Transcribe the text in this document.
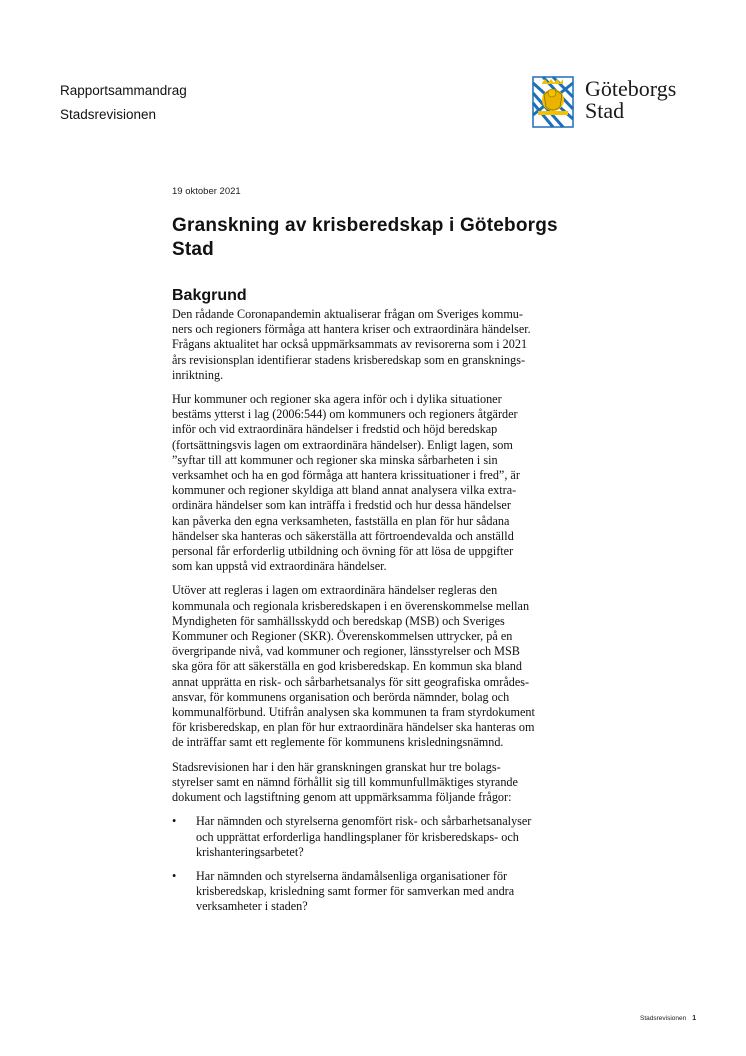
Rapportsammandrag
Stadsrevisionen
Göteborgs
Stad
19 oktober 2021
Granskning av krisberedskap i Göteborgs Stad
Bakgrund
Den rådande Coronapandemin aktualiserar frågan om Sveriges kommu-
ners och regioners förmåga att hantera kriser och extraordinära händelser.
Frågans aktualitet har också uppmärksammats av revisorerna som i 2021
års revisionsplan identifierar stadens krisberedskap som en gransknings-
inriktning.
Hur kommuner och regioner ska agera inför och i dylika situationer
bestäms ytterst i lag (2006:544) om kommuners och regioners åtgärder
inför och vid extraordinära händelser i fredstid och höjd beredskap
(fortsättningsvis lagen om extraordinära händelser). Enligt lagen, som
”syftar till att kommuner och regioner ska minska sårbarheten i sin
verksamhet och ha en god förmåga att hantera krissituationer i fred”, är
kommuner och regioner skyldiga att bland annat analysera vilka extra-
ordinära händelser som kan inträffa i fredstid och hur dessa händelser
kan påverka den egna verksamheten, fastställa en plan för hur sådana
händelser ska hanteras och säkerställa att förtroendevalda och anställd
personal får erforderlig utbildning och övning för att lösa de uppgifter
som kan uppstå vid extraordinära händelser.
Utöver att regleras i lagen om extraordinära händelser regleras den
kommunala och regionala krisberedskapen i en överenskommelse mellan
Myndigheten för samhällsskydd och beredskap (MSB) och Sveriges
Kommuner och Regioner (SKR). Överenskommelsen uttrycker, på en
övergripande nivå, vad kommuner och regioner, länsstyrelser och MSB
ska göra för att säkerställa en god krisberedskap. En kommun ska bland
annat upprätta en risk- och sårbarhetsanalys för sitt geografiska områdes-
ansvar, för kommunens organisation och berörda nämnder, bolag och
kommunalförbund. Utifrån analysen ska kommunen ta fram styrdokument
för krisberedskap, en plan för hur extraordinära händelser ska hanteras om
de inträffar samt ett reglemente för kommunens krisledningsnämnd.
Stadsrevisionen har i den här granskningen granskat hur tre bolags-
styrelser samt en nämnd förhållit sig till kommunfullmäktiges styrande
dokument och lagstiftning genom att uppmärksamma följande frågor:
• Har nämnden och styrelserna genomfört risk- och sårbarhetsanalyser
och upprättat erforderliga handlingsplaner för krisberedskaps- och
krishanteringsarbetet?
• Har nämnden och styrelserna ändamålsenliga organisationer för
krisberedskap, krisledning samt former för samverkan med andra
verksamheter i staden?
Stadsrevisionen 1
